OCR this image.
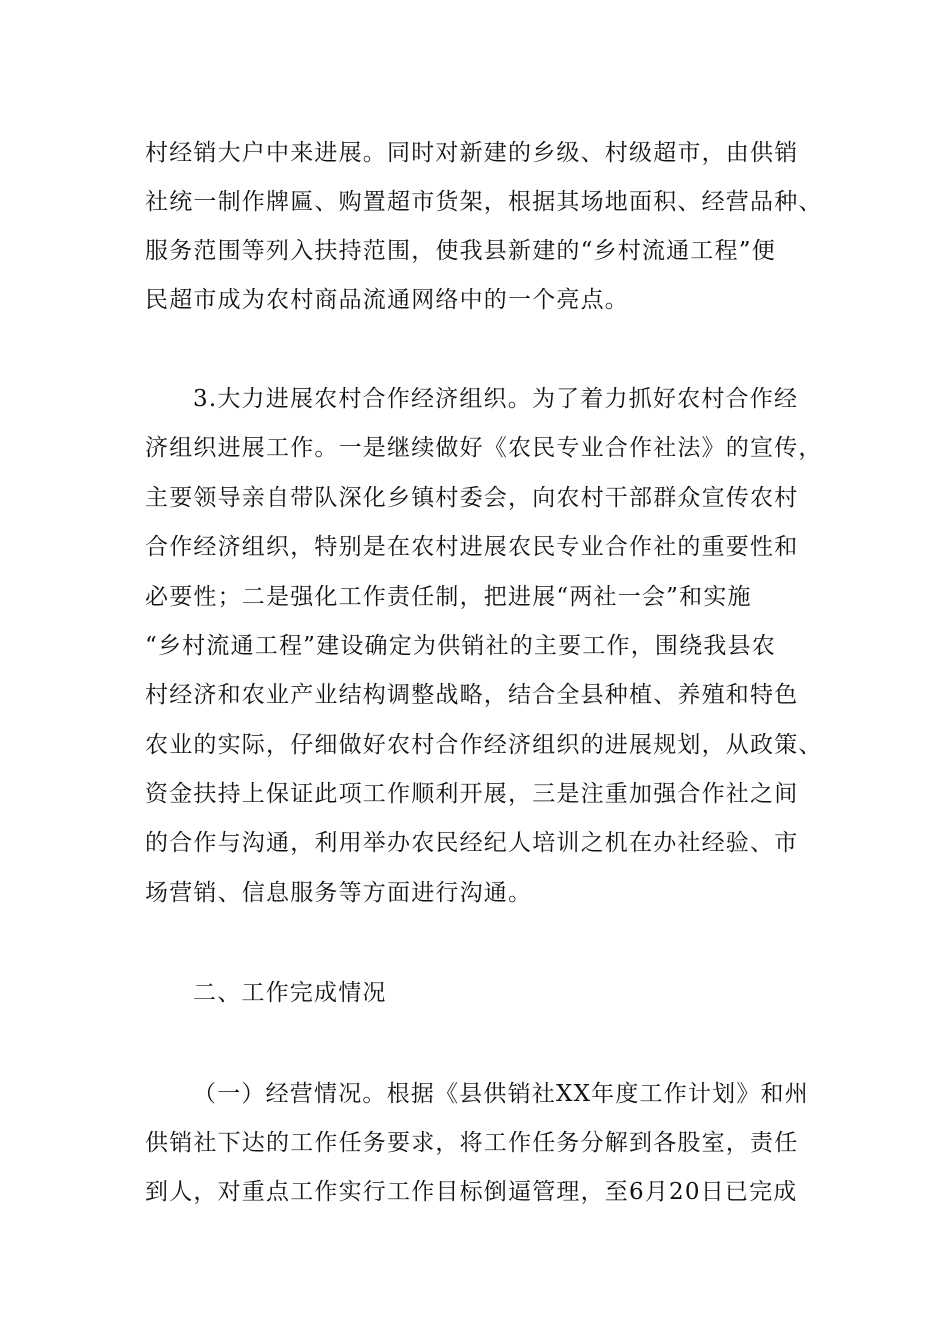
村经销大户中来进展。同时对新建的乡级、村级超市，由供销
社统一制作牌匾、购置超市货架，根据其场地面积、经营品种、
服务范围等列入扶持范围，使我县新建的“乡村流通工程”便
民超市成为农村商品流通网络中的一个亮点。
3.大力进展农村合作经济组织。为了着力抓好农村合作经
济组织进展工作。一是继续做好《农民专业合作社法》的宣传，
主要领导亲自带队深化乡镇村委会，向农村干部群众宣传农村
合作经济组织，特别是在农村进展农民专业合作社的重要性和
必要性；二是强化工作责任制，把进展“两社一会”和实施
“乡村流通工程”建设确定为供销社的主要工作，围绕我县农
村经济和农业产业结构调整战略，结合全县种植、养殖和特色
农业的实际，仔细做好农村合作经济组织的进展规划，从政策、
资金扶持上保证此项工作顺利开展，三是注重加强合作社之间
的合作与沟通，利用举办农民经纪人培训之机在办社经验、市
场营销、信息服务等方面进行沟通。
二、工作完成情况
（一）经营情况。根据《县供销社XX年度工作计划》和州
供销社下达的工作任务要求，将工作任务分解到各股室，责任
到人，对重点工作实行工作目标倒逼管理，至6月20日已完成
